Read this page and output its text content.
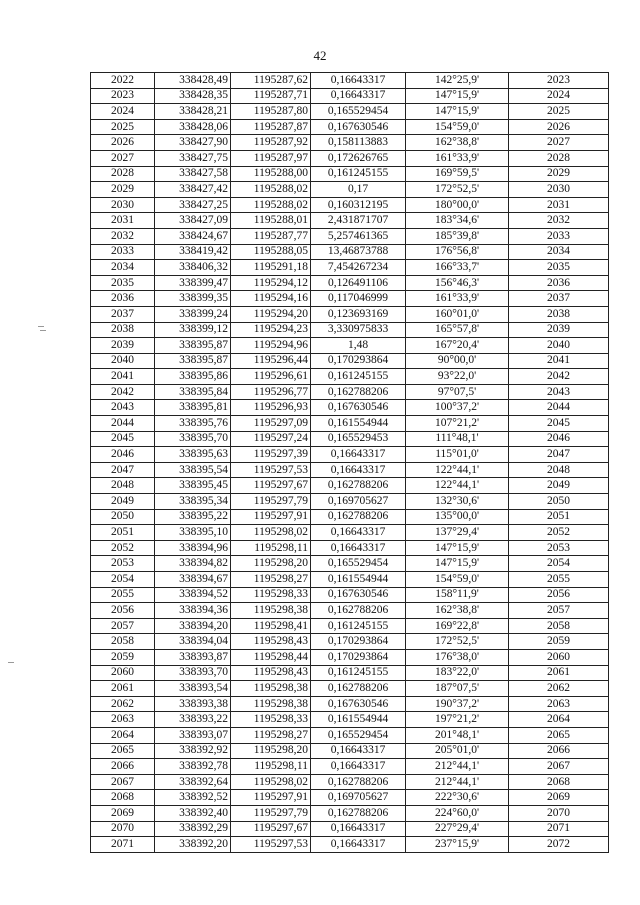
42
2022	338428,49	1195287,62	0,16643317	142°25,9'	2023
2023	338428,35	1195287,71	0,16643317	147°15,9'	2024
2024	338428,21	1195287,80	0,165529454	147°15,9'	2025
2025	338428,06	1195287,87	0,167630546	154°59,0'	2026
2026	338427,90	1195287,92	0,158113883	162°38,8'	2027
2027	338427,75	1195287,97	0,172626765	161°33,9'	2028
2028	338427,58	1195288,00	0,161245155	169°59,5'	2029
2029	338427,42	1195288,02	0,17	172°52,5'	2030
2030	338427,25	1195288,02	0,160312195	180°00,0'	2031
2031	338427,09	1195288,01	2,431871707	183°34,6'	2032
2032	338424,67	1195287,77	5,257461365	185°39,8'	2033
2033	338419,42	1195288,05	13,46873788	176°56,8'	2034
2034	338406,32	1195291,18	7,454267234	166°33,7'	2035
2035	338399,47	1195294,12	0,126491106	156°46,3'	2036
2036	338399,35	1195294,16	0,117046999	161°33,9'	2037
2037	338399,24	1195294,20	0,123693169	160°01,0'	2038
2038	338399,12	1195294,23	3,330975833	165°57,8'	2039
2039	338395,87	1195294,96	1,48	167°20,4'	2040
2040	338395,87	1195296,44	0,170293864	90°00,0'	2041
2041	338395,86	1195296,61	0,161245155	93°22,0'	2042
2042	338395,84	1195296,77	0,162788206	97°07,5'	2043
2043	338395,81	1195296,93	0,167630546	100°37,2'	2044
2044	338395,76	1195297,09	0,161554944	107°21,2'	2045
2045	338395,70	1195297,24	0,165529453	111°48,1'	2046
2046	338395,63	1195297,39	0,16643317	115°01,0'	2047
2047	338395,54	1195297,53	0,16643317	122°44,1'	2048
2048	338395,45	1195297,67	0,162788206	122°44,1'	2049
2049	338395,34	1195297,79	0,169705627	132°30,6'	2050
2050	338395,22	1195297,91	0,162788206	135°00,0'	2051
2051	338395,10	1195298,02	0,16643317	137°29,4'	2052
2052	338394,96	1195298,11	0,16643317	147°15,9'	2053
2053	338394,82	1195298,20	0,165529454	147°15,9'	2054
2054	338394,67	1195298,27	0,161554944	154°59,0'	2055
2055	338394,52	1195298,33	0,167630546	158°11,9'	2056
2056	338394,36	1195298,38	0,162788206	162°38,8'	2057
2057	338394,20	1195298,41	0,161245155	169°22,8'	2058
2058	338394,04	1195298,43	0,170293864	172°52,5'	2059
2059	338393,87	1195298,44	0,170293864	176°38,0'	2060
2060	338393,70	1195298,43	0,161245155	183°22,0'	2061
2061	338393,54	1195298,38	0,162788206	187°07,5'	2062
2062	338393,38	1195298,38	0,167630546	190°37,2'	2063
2063	338393,22	1195298,33	0,161554944	197°21,2'	2064
2064	338393,07	1195298,27	0,165529454	201°48,1'	2065
2065	338392,92	1195298,20	0,16643317	205°01,0'	2066
2066	338392,78	1195298,11	0,16643317	212°44,1'	2067
2067	338392,64	1195298,02	0,162788206	212°44,1'	2068
2068	338392,52	1195297,91	0,169705627	222°30,6'	2069
2069	338392,40	1195297,79	0,162788206	224°60,0'	2070
2070	338392,29	1195297,67	0,16643317	227°29,4'	2071
2071	338392,20	1195297,53	0,16643317	237°15,9'	2072
